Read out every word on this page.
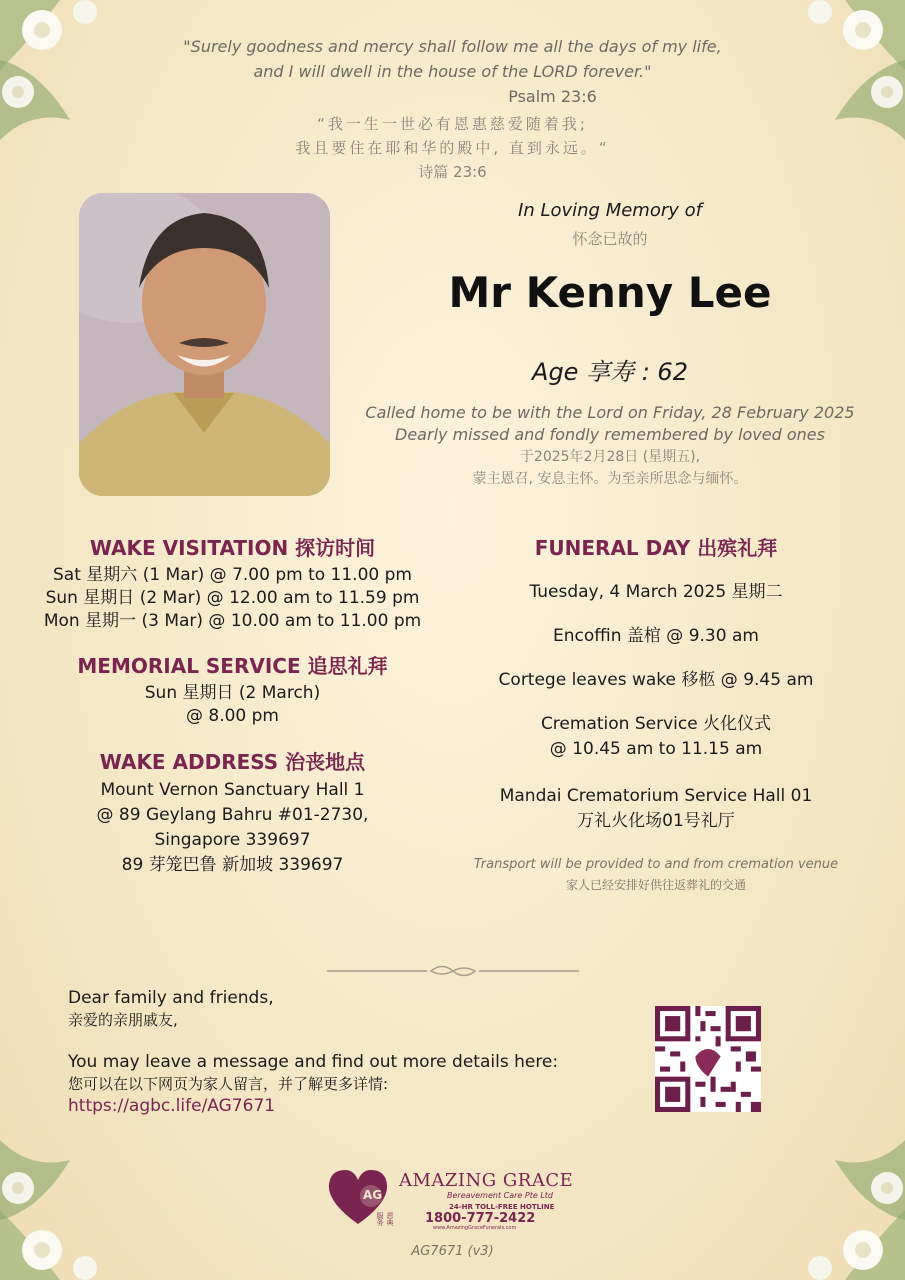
"Surely goodness and mercy shall follow me all the days of my life,
and I will dwell in the house of the LORD forever."
Psalm 23:6
“我一生一世必有恩惠慈爱随着我;
我且要住在耶和华的殿中, 直到永远。“
诗篇 23:6
In Loving Memory of
怀念已故的
Mr Kenny Lee
Age 享寿 : 62
Called home to be with the Lord on Friday, 28 February 2025
Dearly missed and fondly remembered by loved ones
于2025年2月28日 (星期五),
蒙主恩召, 安息主怀。为至亲所思念与缅怀。
WAKE VISITATION 探访时间
Sat 星期六 (1 Mar) @ 7.00 pm to 11.00 pm
Sun 星期日 (2 Mar) @ 12.00 am to 11.59 pm
Mon 星期一 (3 Mar) @ 10.00 am to 11.00 pm
MEMORIAL SERVICE 追思礼拜
Sun 星期日 (2 March)
@ 8.00 pm
WAKE ADDRESS 治丧地点
Mount Vernon Sanctuary Hall 1
@ 89 Geylang Bahru #01-2730,
Singapore 339697
89 芽笼巴鲁 新加坡 339697
FUNERAL DAY 出殡礼拜
Tuesday, 4 March 2025 星期二
Encoffin 盖棺 @ 9.30 am
Cortege leaves wake 移柩 @ 9.45 am
Cremation Service 火化仪式
@ 10.45 am to 11.15 am
Mandai Crematorium Service Hall 01
万礼火化场01号礼厅
Transport will be provided to and from cremation venue
家人已经安排好供往返葬礼的交通
Dear family and friends,
亲爱的亲朋戚友,
You may leave a message and find out more details here:
您可以在以下网页为家人留言，并了解更多详情:
https://agbc.life/AG7671
AG
恩典服务
AMAZING GRACE
Bereavement Care Pte Ltd
24-HR TOLL-FREE HOTLINE
1800-777-2422
www.AmazingGraceFunerals.com
AG7671 (v3)
